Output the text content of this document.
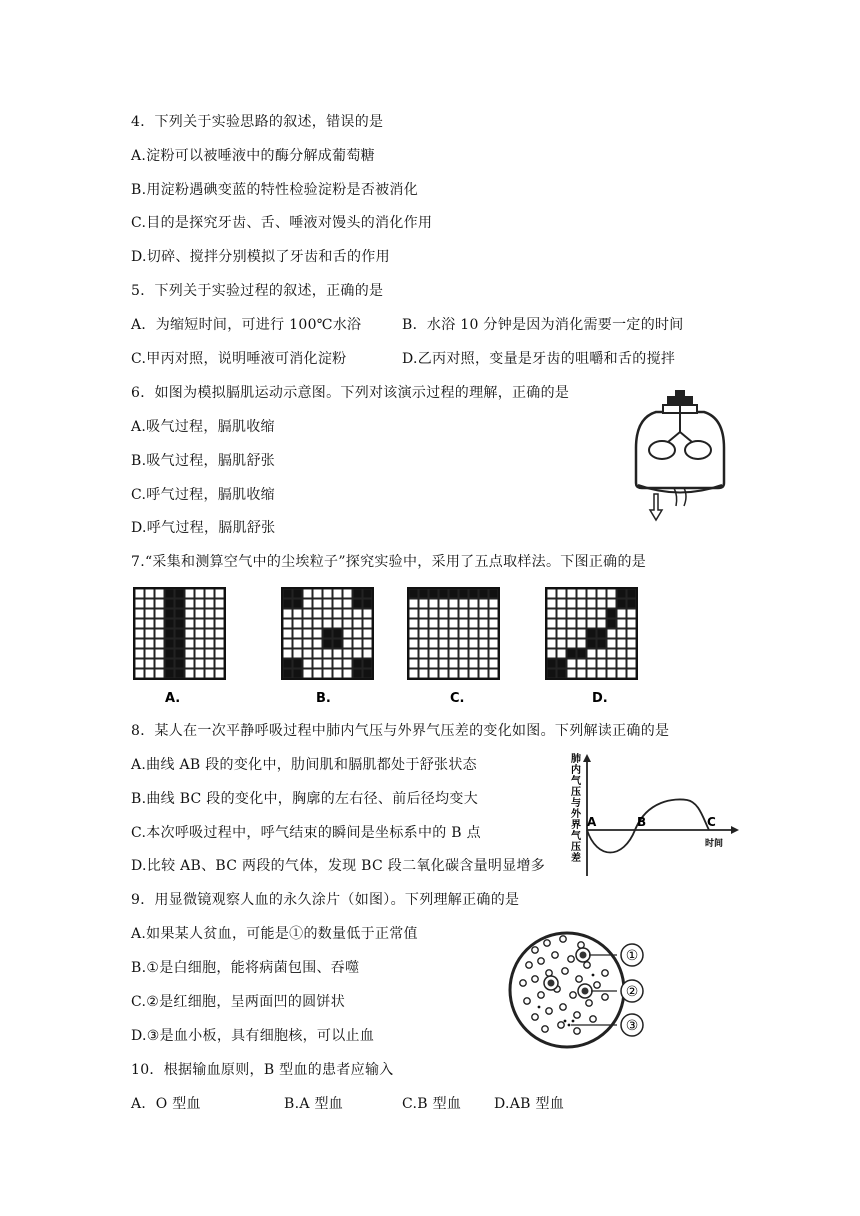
4．下列关于实验思路的叙述，错误的是
A.淀粉可以被唾液中的酶分解成葡萄糖
B.用淀粉遇碘变蓝的特性检验淀粉是否被消化
C.目的是探究牙齿、舌、唾液对馒头的消化作用
D.切碎、搅拌分别模拟了牙齿和舌的作用
5．下列关于实验过程的叙述，正确的是
A．为缩短时间，可进行 100℃水浴	B．水浴 10 分钟是因为消化需要一定的时间
C.甲丙对照，说明唾液可消化淀粉	D.乙丙对照，变量是牙齿的咀嚼和舌的搅拌
6．如图为模拟膈肌运动示意图。下列对该演示过程的理解，正确的是
A.吸气过程，膈肌收缩
B.吸气过程，膈肌舒张
C.呼气过程，膈肌收缩
D.呼气过程，膈肌舒张
7.“采集和测算空气中的尘埃粒子”探究实验中，采用了五点取样法。下图正确的是
A.	B.	C.	D.
8．某人在一次平静呼吸过程中肺内气压与外界气压差的变化如图。下列解读正确的是
A.曲线 AB 段的变化中，肋间肌和膈肌都处于舒张状态
B.曲线 BC 段的变化中，胸廓的左右径、前后径均变大
C.本次呼吸过程中，呼气结束的瞬间是坐标系中的 B 点
D.比较 AB、BC 两段的气体，发现 BC 段二氧化碳含量明显增多
肺内气压与外界气压差
A	B	C
时间
9．用显微镜观察人血的永久涂片（如图）。下列理解正确的是
A.如果某人贫血，可能是①的数量低于正常值
B.①是白细胞，能将病菌包围、吞噬
C.②是红细胞，呈两面凹的圆饼状
D.③是血小板，具有细胞核，可以止血
①
②
③
10．根据输血原则，B 型血的患者应输入
A．O 型血	B.A 型血	C.B 型血 D.AB 型血
